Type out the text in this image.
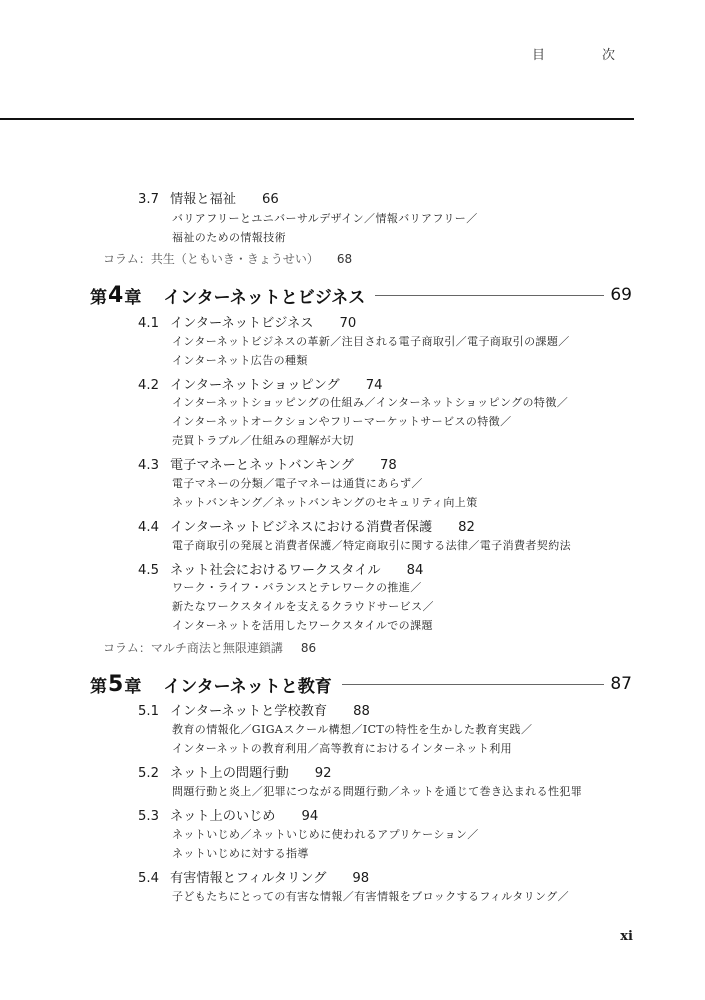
目　次
3.7 情報と福祉 66
バリアフリーとユニバーサルデザイン／情報バリアフリー／
福祉のための情報技術
コラム：共生（ともいき・きょうせい） 68
第 4 章 インターネットとビジネス	69
4.1 インターネットビジネス 70
インターネットビジネスの革新／注目される電子商取引／電子商取引の課題／
インターネット広告の種類
4.2 インターネットショッピング 74
インターネットショッピングの仕組み／インターネットショッピングの特徴／
インターネットオークションやフリーマーケットサービスの特徴／
売買トラブル／仕組みの理解が大切
4.3 電子マネーとネットバンキング 78
電子マネーの分類／電子マネーは通貨にあらず／
ネットバンキング／ネットバンキングのセキュリティ向上策
4.4 インターネットビジネスにおける消費者保護 82
電子商取引の発展と消費者保護／特定商取引に関する法律／電子消費者契約法
4.5 ネット社会におけるワークスタイル 84
ワーク・ライフ・バランスとテレワークの推進／
新たなワークスタイルを支えるクラウドサービス／
インターネットを活用したワークスタイルでの課題
コラム：マルチ商法と無限連鎖講 86
第 5 章 インターネットと教育	87
5.1 インターネットと学校教育 88
教育の情報化／GIGAスクール構想／ICTの特性を生かした教育実践／
インターネットの教育利用／高等教育におけるインターネット利用
5.2 ネット上の問題行動 92
問題行動と炎上／犯罪につながる問題行動／ネットを通じて巻き込まれる性犯罪
5.3 ネット上のいじめ 94
ネットいじめ／ネットいじめに使われるアプリケーション／
ネットいじめに対する指導
5.4 有害情報とフィルタリング 98
子どもたちにとっての有害な情報／有害情報をブロックするフィルタリング／
xi
